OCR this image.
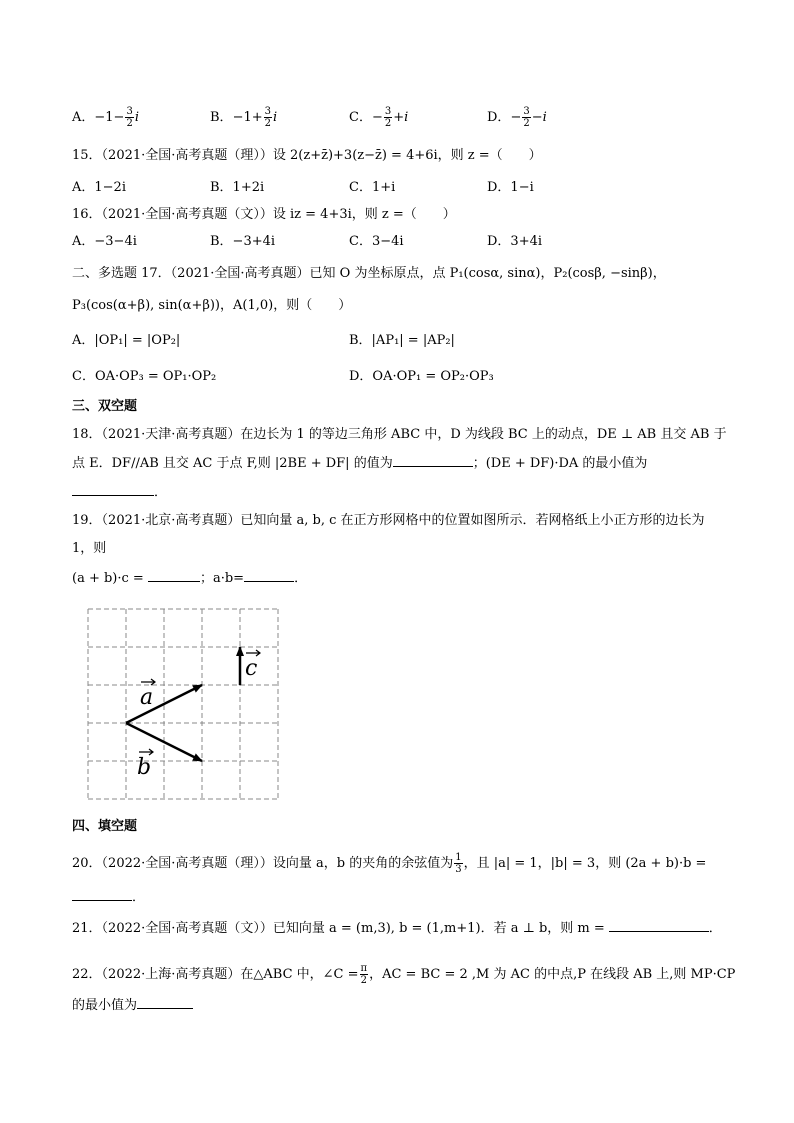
A．$-1- \frac{3}{2}$ i	B．$-1+ \frac{3}{2}$ i	C．− $\frac{3}{2} +i$	D．− $\frac{3}{2} -i$
15．（2021·全国·高考真题（理））设 2(z+z̄)+3(z−z̄) = 4+6i，则 z =（　　）
A．1−2i	B．1+2i	C．1+i	D．1−i
16．（2021·全国·高考真题（文））设 iz = 4+3i，则 z =（　　）
A．−3−4i	B．−3+4i	C．3−4i	D．3+4i
二、多选题 17．（2021·全国·高考真题）已知 O 为坐标原点，点 P₁(cosα, sinα)，P₂(cosβ, −sinβ)，
P₃(cos(α+β), sin(α+β))，A(1,0)，则（　　）
A．|OP₁| = |OP₂|	B．|AP₁| = |AP₂|
C．OA·OP₃ = OP₁·OP₂	D．OA·OP₁ = OP₂·OP₃
三、双空题
18．（2021·天津·高考真题）在边长为 1 的等边三角形 ABC 中，D 为线段 BC 上的动点，DE ⊥ AB 且交 AB 于
点 E．DF//AB 且交 AC 于点 F,则 |2BE + DF| 的值为	；(DE + DF)·DA 的最小值为
．
19．（2021·北京·高考真题）已知向量 a, b, c 在正方形网格中的位置如图所示．若网格纸上小正方形的边长为
1，则
(a + b)·c =	；a·b=	．
a
b
c
四、填空题
20．（2022·全国·高考真题（理））设向量 a，b 的夹角的余弦值为 $\frac{1}{3}$ ，且 |a| = 1，|b| = 3，则 (2a + b)·b =
．
21．（2022·全国·高考真题（文））已知向量 a = (m,3), b = (1,m+1)．若 a ⊥ b，则 m =	．
22．（2022·上海·高考真题）在△ABC 中，∠C = $\frac{\pi}{2}$ ，AC = BC = 2 ,M 为 AC 的中点,P 在线段 AB 上,则 MP·CP
的最小值为
